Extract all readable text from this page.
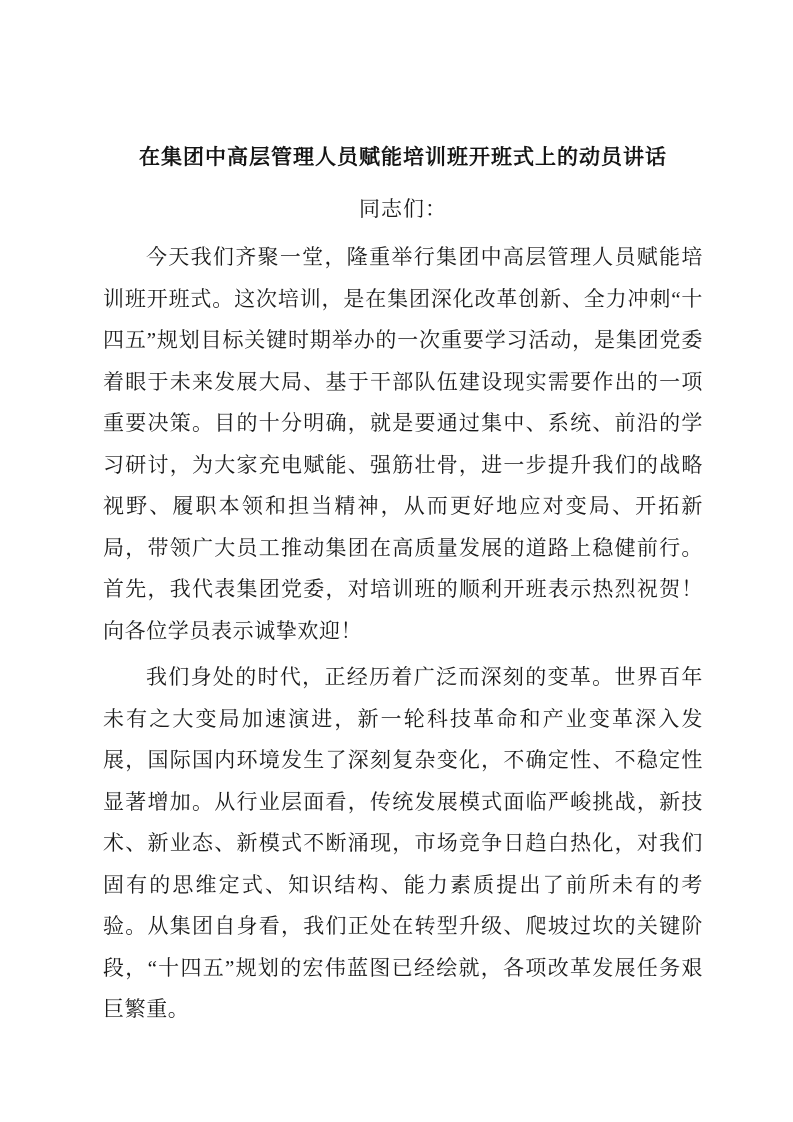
在集团中高层管理人员赋能培训班开班式上的动员讲话
同志们：

今天我们齐聚一堂，隆重举行集团中高层管理人员赋能培训班开班式。这次培训，是在集团深化改革创新、全力冲刺“十四五”规划目标关键时期举办的一次重要学习活动，是集团党委着眼于未来发展大局、基于干部队伍建设现实需要作出的一项重要决策。目的十分明确，就是要通过集中、系统、前沿的学习研讨，为大家充电赋能、强筋壮骨，进一步提升我们的战略视野、履职本领和担当精神，从而更好地应对变局、开拓新局，带领广大员工推动集团在高质量发展的道路上稳健前行。首先，我代表集团党委，对培训班的顺利开班表示热烈祝贺！向各位学员表示诚挚欢迎！

我们身处的时代，正经历着广泛而深刻的变革。世界百年未有之大变局加速演进，新一轮科技革命和产业变革深入发展，国际国内环境发生了深刻复杂变化，不确定性、不稳定性显著增加。从行业层面看，传统发展模式面临严峻挑战，新技术、新业态、新模式不断涌现，市场竞争日趋白热化，对我们固有的思维定式、知识结构、能力素质提出了前所未有的考验。从集团自身看，我们正处在转型升级、爬坡过坎的关键阶段，“十四五”规划的宏伟蓝图已经绘就，各项改革发展任务艰巨繁重。
